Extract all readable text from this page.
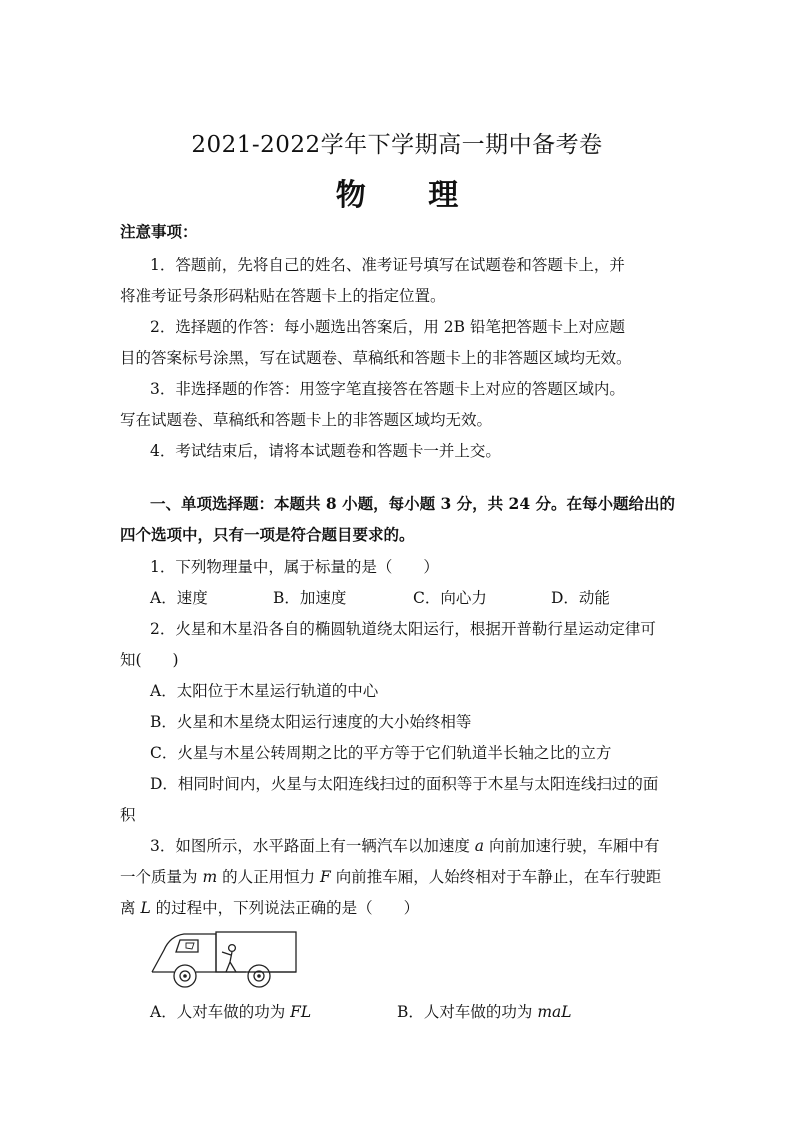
2021-2022学年下学期高一期中备考卷
物 理
注意事项：
1．答题前，先将自己的姓名、准考证号填写在试题卷和答题卡上，并
将准考证号条形码粘贴在答题卡上的指定位置。
2．选择题的作答：每小题选出答案后，用 2B 铅笔把答题卡上对应题
目的答案标号涂黑，写在试题卷、草稿纸和答题卡上的非答题区域均无效。
3．非选择题的作答：用签字笔直接答在答题卡上对应的答题区域内。
写在试题卷、草稿纸和答题卡上的非答题区域均无效。
4．考试结束后，请将本试题卷和答题卡一并上交。
一、单项选择题：本题共 8 小题，每小题 3 分，共 24 分。在每小题给出的
四个选项中，只有一项是符合题目要求的。
1．下列物理量中，属于标量的是（　　）
A．速度	B．加速度	C．向心力	D．动能
2．火星和木星沿各自的椭圆轨道绕太阳运行，根据开普勒行星运动定律可
知(　　)
A．太阳位于木星运行轨道的中心
B．火星和木星绕太阳运行速度的大小始终相等
C．火星与木星公转周期之比的平方等于它们轨道半长轴之比的立方
D．相同时间内，火星与太阳连线扫过的面积等于木星与太阳连线扫过的面
积
3．如图所示，水平路面上有一辆汽车以加速度 a 向前加速行驶，车厢中有
一个质量为 m 的人正用恒力 F 向前推车厢，人始终相对于车静止，在车行驶距
离 L 的过程中，下列说法正确的是（　　）
A．人对车做的功为 FL	B．人对车做的功为 maL
